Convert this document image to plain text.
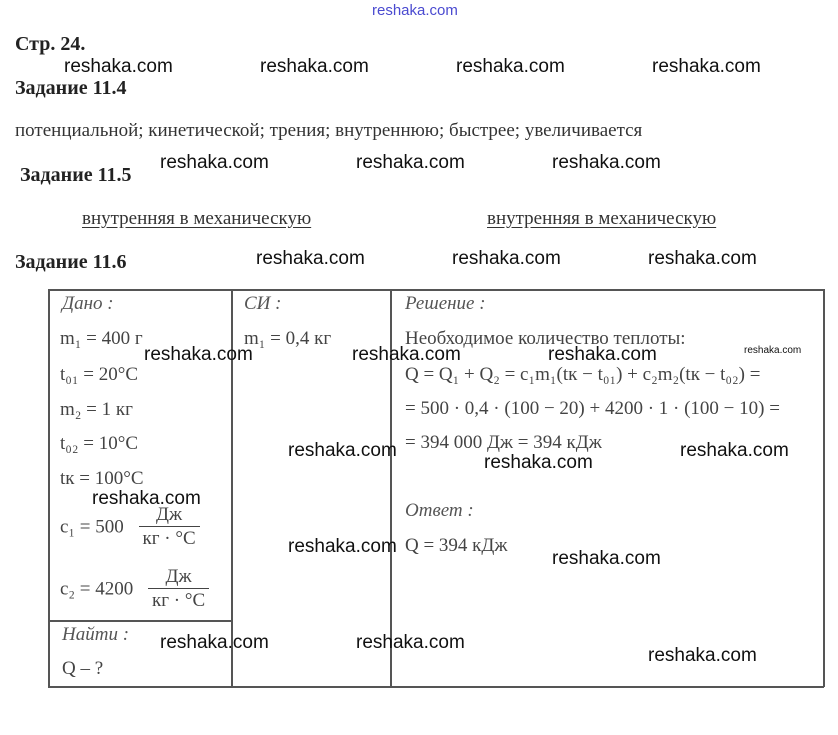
reshaka.com
Стр. 24.
Задание 11.4
потенциальной; кинетической; трения; внутреннюю; быстрее; увеличивается
Задание 11.5
внутренняя в механическую	внутренняя в механическую
Задание 11.6
Дано :
m₁ = 400 г
t₀₁ = 20°C
m₂ = 1 кг
t₀₂ = 10°C
tк = 100°C
$c_1 = 500 \frac{Дж}{кг \cdot ^\circ C}$
$c_2 = 4200 \frac{Дж}{кг \cdot ^\circ C}$
Найти :
Q – ?
СИ :
m₁ = 0,4 кг
Решение :
Необходимое количество теплоты:
Q = Q₁ + Q₂ = c₁m₁(tк − t₀₁) + c₂m₂(tк − t₀₂) =
= 500 · 0,4 · (100 − 20) + 4200 · 1 · (100 − 10) =
= 394 000 Дж = 394 кДж
Ответ :
Q = 394 кДж
reshaka.com	reshaka.com	reshaka.com	reshaka.com
reshaka.com	reshaka.com	reshaka.com
reshaka.com	reshaka.com	reshaka.com
reshaka.com	reshaka.com	reshaka.com	reshaka.com
reshaka.com
reshaka.com
reshaka.com
reshaka.com
reshaka.com
reshaka.com
reshaka.com	reshaka.com
reshaka.com
